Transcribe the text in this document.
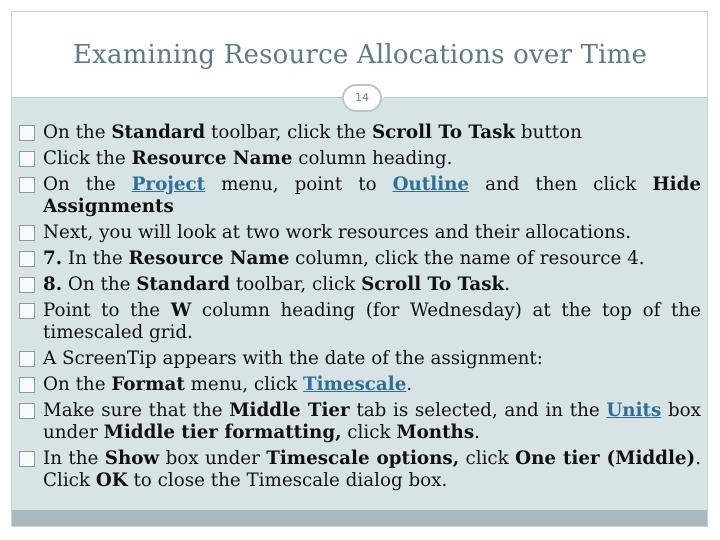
Examining Resource Allocations over Time
14
On the Standard toolbar, click the Scroll To Task button
Click the Resource Name column heading.
On the Project menu, point to Outline and then click Hide Assignments
Next, you will look at two work resources and their allocations.
7. In the Resource Name column, click the name of resource 4.
8. On the Standard toolbar, click Scroll To Task.
Point to the W column heading (for Wednesday) at the top of the timescaled grid.
A ScreenTip appears with the date of the assignment:
On the Format menu, click Timescale.
Make sure that the Middle Tier tab is selected, and in the Units box under Middle tier formatting, click Months.
In the Show box under Timescale options, click One tier (Middle). Click OK to close the Timescale dialog box.
